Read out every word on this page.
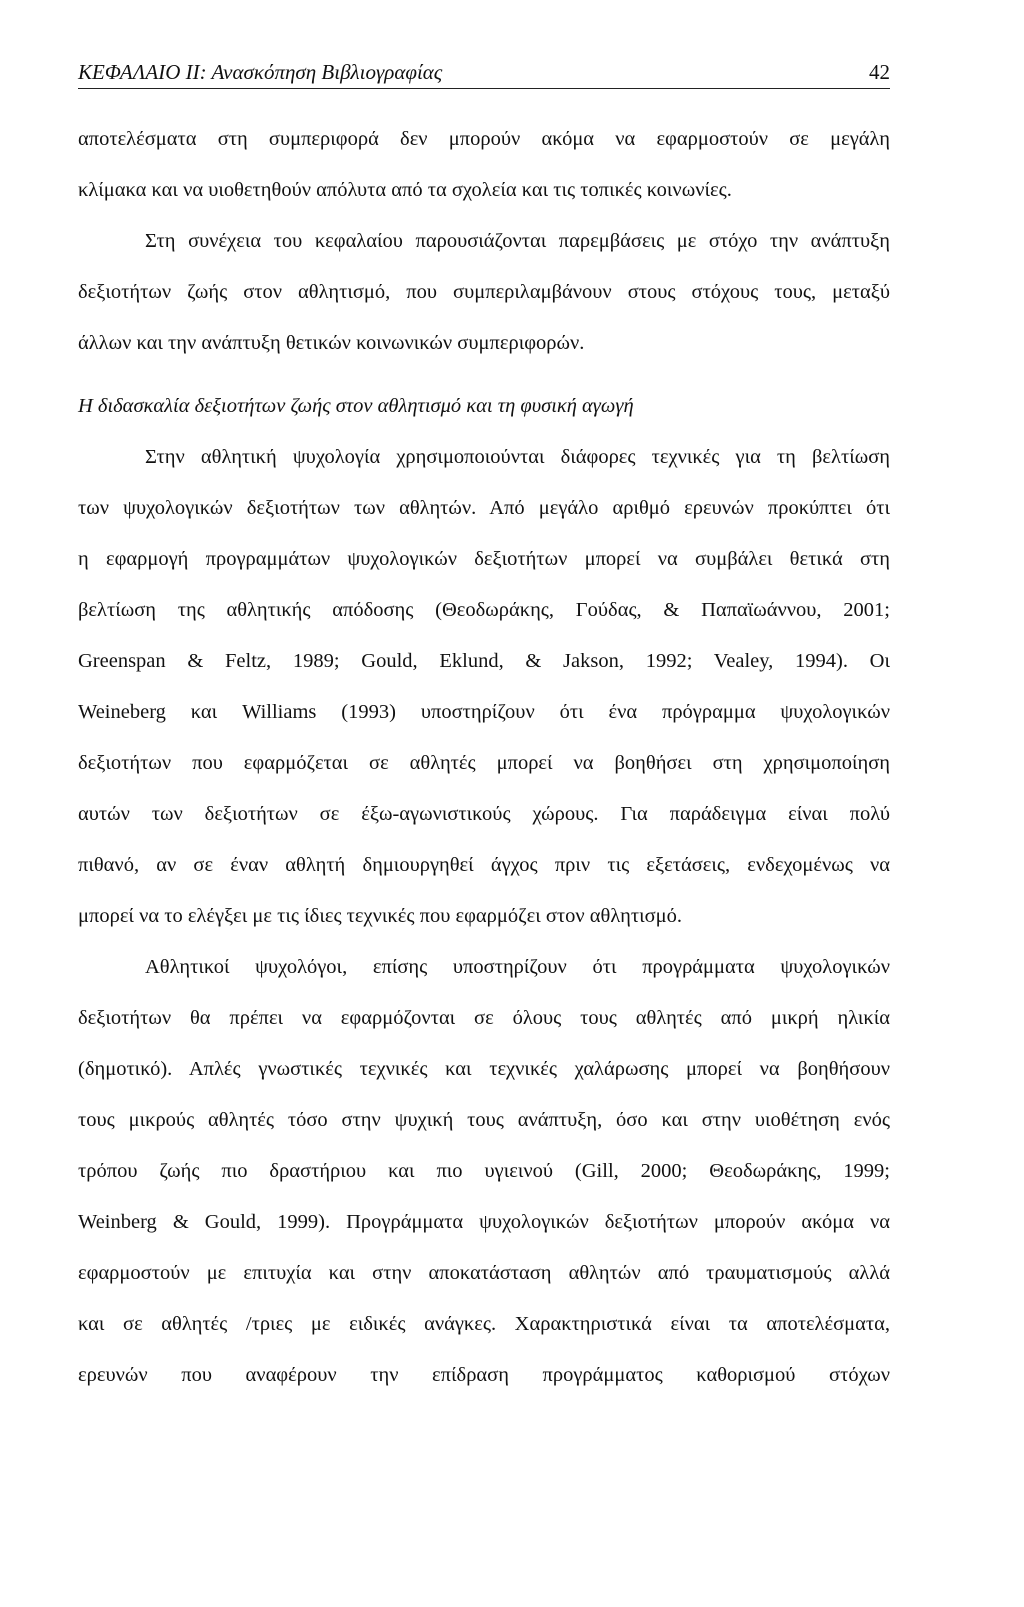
ΚΕΦΑΛΑΙΟ ΙΙ: Ανασκόπηση Βιβλιογραφίας	42
αποτελέσματα στη συμπεριφορά δεν μπορούν ακόμα να εφαρμοστούν σε μεγάλη
κλίμακα και να υιοθετηθούν απόλυτα από τα σχολεία και τις τοπικές κοινωνίες.
Στη συνέχεια του κεφαλαίου παρουσιάζονται παρεμβάσεις με στόχο την ανάπτυξη
δεξιοτήτων ζωής στον αθλητισμό, που συμπεριλαμβάνουν στους στόχους τους, μεταξύ
άλλων και την ανάπτυξη θετικών κοινωνικών συμπεριφορών.
Η διδασκαλία δεξιοτήτων ζωής στον αθλητισμό και τη φυσική αγωγή
Στην αθλητική ψυχολογία χρησιμοποιούνται διάφορες τεχνικές για τη βελτίωση
των ψυχολογικών δεξιοτήτων των αθλητών. Από μεγάλο αριθμό ερευνών προκύπτει ότι
η εφαρμογή προγραμμάτων ψυχολογικών δεξιοτήτων μπορεί να συμβάλει θετικά στη
βελτίωση της αθλητικής απόδοσης (Θεοδωράκης, Γούδας, & Παπαϊωάννου, 2001;
Greenspan & Feltz, 1989; Gould, Eklund, & Jakson, 1992; Vealey, 1994). Οι
Weineberg και Williams (1993) υποστηρίζουν ότι ένα πρόγραμμα ψυχολογικών
δεξιοτήτων που εφαρμόζεται σε αθλητές μπορεί να βοηθήσει στη χρησιμοποίηση
αυτών των δεξιοτήτων σε έξω-αγωνιστικούς χώρους. Για παράδειγμα είναι πολύ
πιθανό, αν σε έναν αθλητή δημιουργηθεί άγχος πριν τις εξετάσεις, ενδεχομένως να
μπορεί να το ελέγξει με τις ίδιες τεχνικές που εφαρμόζει στον αθλητισμό.
Αθλητικοί ψυχολόγοι, επίσης υποστηρίζουν ότι προγράμματα ψυχολογικών
δεξιοτήτων θα πρέπει να εφαρμόζονται σε όλους τους αθλητές από μικρή ηλικία
(δημοτικό). Απλές γνωστικές τεχνικές και τεχνικές χαλάρωσης μπορεί να βοηθήσουν
τους μικρούς αθλητές τόσο στην ψυχική τους ανάπτυξη, όσο και στην υιοθέτηση ενός
τρόπου ζωής πιο δραστήριου και πιο υγιεινού (Gill, 2000; Θεοδωράκης, 1999;
Weinberg & Gould, 1999). Προγράμματα ψυχολογικών δεξιοτήτων μπορούν ακόμα να
εφαρμοστούν με επιτυχία και στην αποκατάσταση αθλητών από τραυματισμούς αλλά
και σε αθλητές /τριες με ειδικές ανάγκες. Χαρακτηριστικά είναι τα αποτελέσματα,
ερευνών που αναφέρουν την επίδραση προγράμματος καθορισμού στόχων
